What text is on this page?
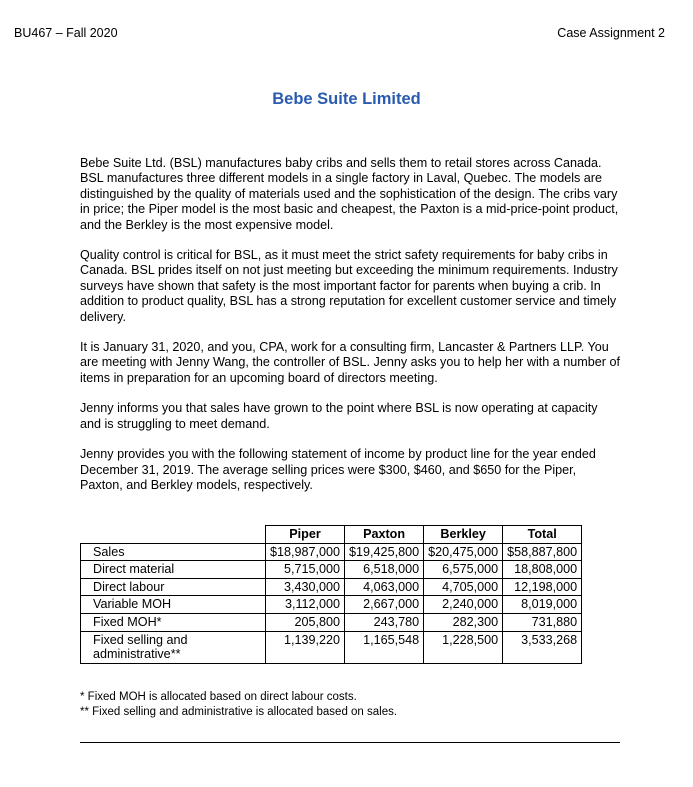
BU467 – Fall 2020	Case Assignment 2
Bebe Suite Limited

Bebe Suite Ltd. (BSL) manufactures baby cribs and sells them to retail stores across Canada. BSL manufactures three different models in a single factory in Laval, Quebec. The models are distinguished by the quality of materials used and the sophistication of the design. The cribs vary in price; the Piper model is the most basic and cheapest, the Paxton is a mid-price-point product, and the Berkley is the most expensive model.

Quality control is critical for BSL, as it must meet the strict safety requirements for baby cribs in Canada. BSL prides itself on not just meeting but exceeding the minimum requirements. Industry surveys have shown that safety is the most important factor for parents when buying a crib. In addition to product quality, BSL has a strong reputation for excellent customer service and timely delivery.

It is January 31, 2020, and you, CPA, work for a consulting firm, Lancaster & Partners LLP. You are meeting with Jenny Wang, the controller of BSL. Jenny asks you to help her with a number of items in preparation for an upcoming board of directors meeting.

Jenny informs you that sales have grown to the point where BSL is now operating at capacity and is struggling to meet demand.

Jenny provides you with the following statement of income by product line for the year ended December 31, 2019. The average selling prices were $300, $460, and $650 for the Piper, Paxton, and Berkley models, respectively.

	Piper	Paxton	Berkley	Total
Sales	$18,987,000	$19,425,800	$20,475,000	$58,887,800
Direct material	5,715,000	6,518,000	6,575,000	18,808,000
Direct labour	3,430,000	4,063,000	4,705,000	12,198,000
Variable MOH	3,112,000	2,667,000	2,240,000	8,019,000
Fixed MOH*	205,800	243,780	282,300	731,880
Fixed selling and administrative**	1,139,220	1,165,548	1,228,500	3,533,268
* Fixed MOH is allocated based on direct labour costs.
** Fixed selling and administrative is allocated based on sales.
